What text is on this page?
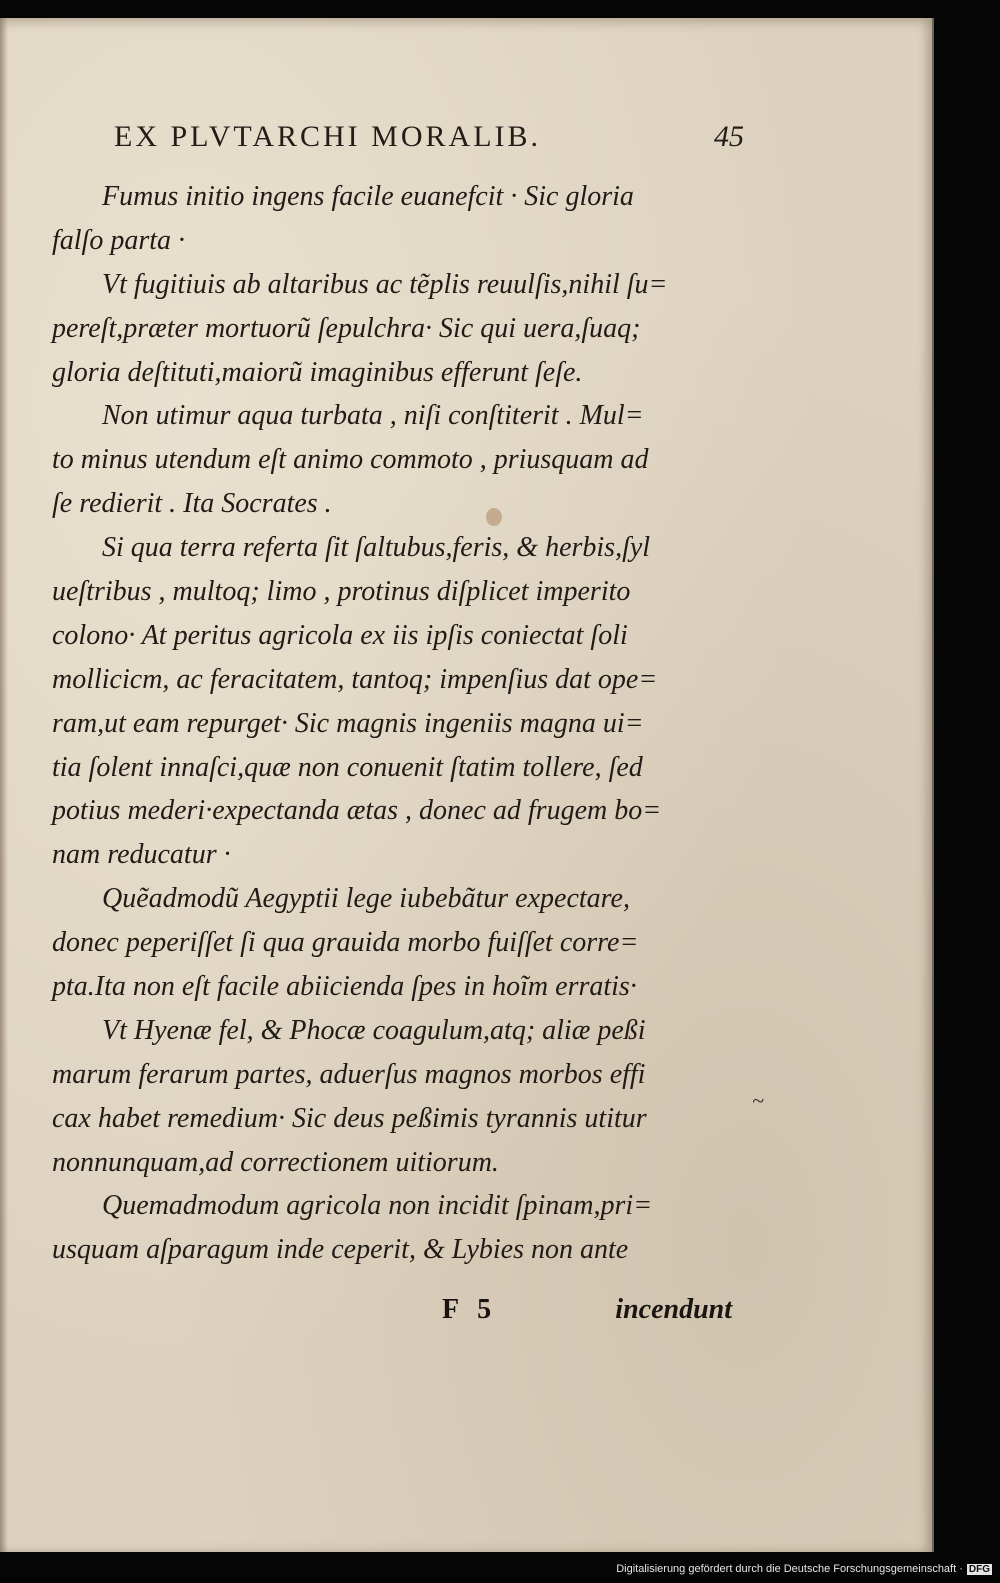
EX PLVTARCHI MORALIB.	45
Fumus initio ingens facile euanefcit · Sic gloria
falſo parta ·
Vt fugitiuis ab altaribus ac tẽplis reuulſis,nihil ſu=
pereſt,præter mortuorũ ſepulchra· Sic qui uera,ſuaq;
gloria deſtituti,maiorũ imaginibus efferunt ſeſe.
Non utimur aqua turbata , niſi conſtiterit . Mul=
to minus utendum eſt animo commoto , priusquam ad
ſe redierit . Ita Socrates .
Si qua terra referta ſit ſaltubus,feris, & herbis,ſyl
ueſtribus , multoq; limo , protinus diſplicet imperito
colono· At peritus agricola ex iis ipſis coniectat ſoli
mollicicm, ac feracitatem, tantoq; impenſius dat ope=
ram,ut eam repurget· Sic magnis ingeniis magna ui=
tia ſolent innaſci,quæ non conuenit ſtatim tollere, ſed
potius mederi·expectanda ætas , donec ad frugem bo=
nam reducatur ·
Quẽadmodũ Aegyptii lege iubebãtur expectare,
donec peperiſſet ſi qua grauida morbo fuiſſet corre=
pta.Ita non eſt facile abiicienda ſpes in hoĩm erratis·
Vt Hyenæ fel, & Phocæ coagulum,atq; aliæ peßi
marum ferarum partes, aduerſus magnos morbos effi
cax habet remedium· Sic deus peßimis tyrannis utitur
nonnunquam,ad correctionem uitiorum.
Quemadmodum agricola non incidit ſpinam,pri=
usquam aſparagum inde ceperit, & Lybies non ante
~
F 5	incendunt
Digitalisierung gefördert durch die Deutsche Forschungsgemeinschaft · DFG
